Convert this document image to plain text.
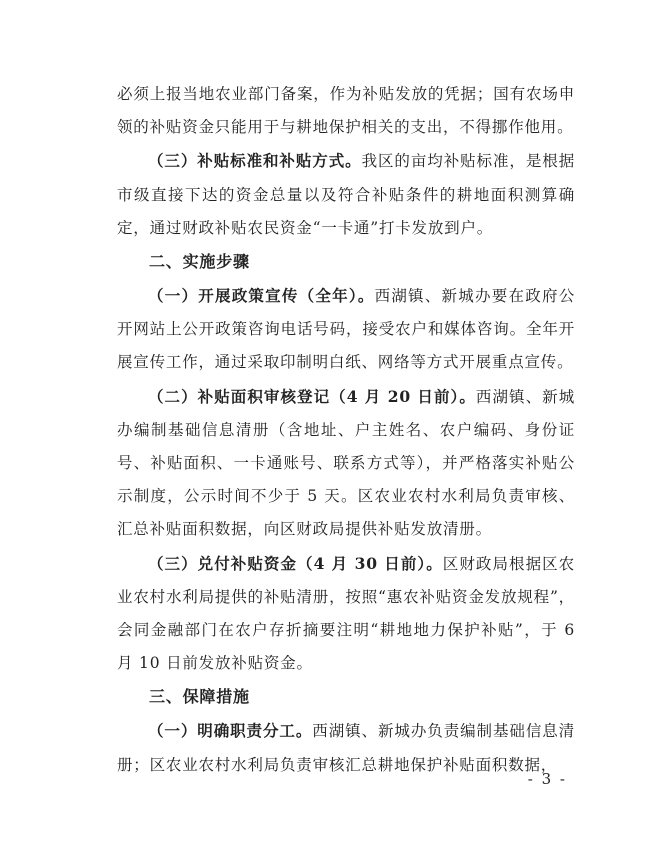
必须上报当地农业部门备案，作为补贴发放的凭据；国有农场申领的补贴资金只能用于与耕地保护相关的支出，不得挪作他用。

（三）补贴标准和补贴方式。我区的亩均补贴标准，是根据市级直接下达的资金总量以及符合补贴条件的耕地面积测算确定，通过财政补贴农民资金“一卡通”打卡发放到户。

二、实施步骤

（一）开展政策宣传（全年）。西湖镇、新城办要在政府公开网站上公开政策咨询电话号码，接受农户和媒体咨询。全年开展宣传工作，通过采取印制明白纸、网络等方式开展重点宣传。

（二）补贴面积审核登记（4 月 20 日前）。西湖镇、新城办编制基础信息清册（含地址、户主姓名、农户编码、身份证号、补贴面积、一卡通账号、联系方式等），并严格落实补贴公示制度，公示时间不少于 5 天。区农业农村水利局负责审核、汇总补贴面积数据，向区财政局提供补贴发放清册。

（三）兑付补贴资金（4 月 30 日前）。区财政局根据区农业农村水利局提供的补贴清册，按照“惠农补贴资金发放规程”，会同金融部门在农户存折摘要注明“耕地地力保护补贴”，于 6 月 10 日前发放补贴资金。

三、保障措施

（一）明确职责分工。西湖镇、新城办负责编制基础信息清册；区农业农村水利局负责审核汇总耕地保护补贴面积数据，

- 3 -
